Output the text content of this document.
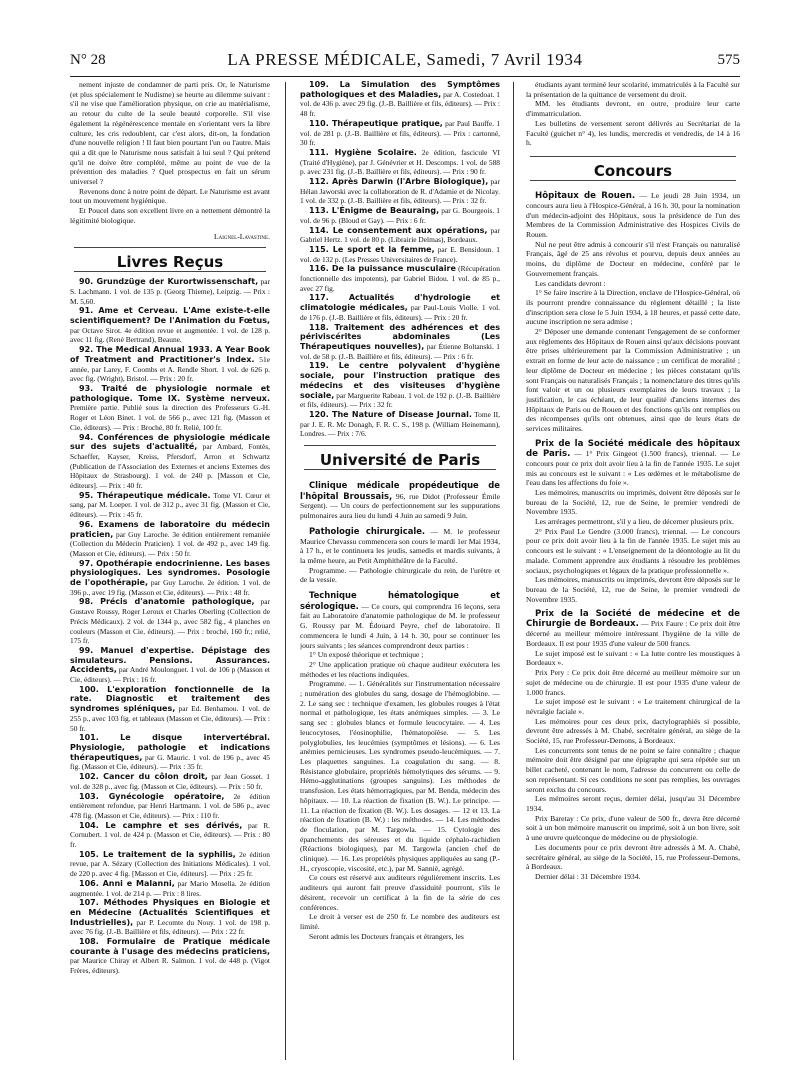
N° 28	LA PRESSE MÉDICALE, Samedi, 7 Avril 1934	575

nement injuste de condamner de parti pris. Or, le Naturisme (et plus spécialement le Nudisme) se heurte au dilemme suivant : s'il ne vise que l'amélioration physique, on crie au matérialisme, au retour du culte de la seule beauté corporelle. S'il vise également la régénérescence mentale en s'orientant vers la libre culture, les cris redoublent, car c'est alors, dit-on, la fondation d'une nouvelle religion ! Il faut bien pourtant l'un ou l'autre. Mais qui a dit que le Naturisme nous satisfait à lui seul ? Qui prétend qu'il ne doive être complété, même au point de vue de la prévention des maladies ? Quel prospectus en fait un sérum universel ?

Revenons donc à notre point de départ. Le Naturisme est avant tout un mouvement hygiénique.

Et Poucel dans son excellent livre en a nettement démontré la légitimité biologique.

Laignel-Lavastine.

Livres Reçus

90. Grundzüge der Kurortwissenschaft, par S. Lachmann. 1 vol. de 135 p. (Georg Thieme), Leipzig. — Prix : M. 5,60.

91. Ame et Cerveau. L'Ame existe-t-elle scientifiquement? De l'Animation du Fœtus, par Octave Sirot. 4e édition revue et augmentée. 1 vol. de 128 p. avec 11 fig. (René Bertrand), Beaune.

92. The Medical Annual 1933. A Year Book of Treatment and Practitioner's Index. 51e année, par Larey, F. Coombs et A. Rendle Short. 1 vol. de 626 p. avec fig. (Wright), Bristol. — Prix : 20 fr.

93. Traité de physiologie normale et pathologique. Tome IX. Système nerveux. Première partie. Publié sous la direction des Professeurs G.-H. Roger et Léon Binet. 1 vol. de 566 p., avec 121 fig. (Masson et Cie, éditeurs). — Prix : Broché, 80 fr. Relié, 100 fr.

94. Conférences de physiologie médicale sur des sujets d'actualité, par Ambard, Fontès, Schaeffer, Kayser, Kreiss, Pfersdorf, Arron et Schwartz (Publication de l'Association des Externes et anciens Externes des Hôpitaux de Strasbourg). 1 vol. de 240 p. [Masson et Cie, éditeurs]. — Prix : 40 fr.

95. Thérapeutique médicale. Tome VI. Cœur et sang, par M. Loeper. 1 vol. de 312 p., avec 31 fig. (Masson et Cie, éditeurs). — Prix : 45 fr.

96. Examens de laboratoire du médecin praticien, par Guy Laroche. 3e édition entièrement remaniée (Collection du Médecin Praticien). 1 vol. de 492 p., avec 149 fig. (Masson et Cie, éditeurs). — Prix : 50 fr.

97. Opothérapie endocrinienne. Les bases physiologiques. Les syndromes. Posologie de l'opothérapie, par Guy Laroche. 2e édition. 1 vol. de 396 p., avec 19 fig. (Masson et Cie, éditeurs). — Prix : 48 fr.

98. Précis d'anatomie pathologique, par Gustave Roussy, Roger Leroux et Charles Oberling (Collection de Précis Médicaux). 2 vol. de 1344 p., avec 582 fig., 4 planches en couleurs (Masson et Cie, éditeurs). — Prix : broché, 160 fr.; relié, 175 fr.

99. Manuel d'expertise. Dépistage des simulateurs. Pensions. Assurances. Accidents, par André Moulonguet. 1 vol. de 106 p (Masson et Cie, éditeurs). — Prix : 16 fr.

100. L'exploration fonctionnelle de la rate. Diagnostic et traitement des syndromes spléniques, par Ed. Benhamou. 1 vol. de 255 p., avec 103 fig. et tableaux (Masson et Cie, éditeurs). — Prix : 50 fr.

101. Le disque intervertébral. Physiologie, pathologie et indications thérapeutiques, par G. Mauric. 1 vol. de 196 p., avec 45 fig. (Masson et Cie, éditeurs). — Prix : 35 fr.

102. Cancer du côlon droit, par Jean Gosset. 1 vol. de 328 p., avec fig. (Masson et Cie, éditeurs). — Prix : 50 fr.

103. Gynécologie opératoire, 2e édition entièrement refondue, par Henri Hartmann. 1 vol. de 586 p., avec 478 fig. (Masson et Cie, éditeurs). — Prix : 110 fr.

104. Le camphre et ses dérivés, par R. Cornubert. 1 vol. de 424 p. (Masson et Cie, éditeurs). — Prix : 80 fr.

105. Le traitement de la syphilis, 2e édition revue, par A. Sézary (Collection des Initiations Médicales). 1 vol. de 220 p. avec 4 fig. [Masson et Cie, éditeurs]. — Prix : 25 fr.

106. Anni e Malanni, par Mario Mosella. 2e édition augmentée. 1 vol. de 214 p. — Prix : 8 lires.

107. Méthodes Physiques en Biologie et en Médecine (Actualités Scientifiques et Industrielles), par P. Lecomte du Nouy. 1 vol. de 198 p. avec 76 fig. (J.-B. Baillière et fils, éditeurs). — Prix : 22 fr.

108. Formulaire de Pratique médicale courante à l'usage des médecins praticiens, par Maurice Chiray et Albert R. Salmon. 1 vol. de 448 p. (Vigot Frères, éditeurs).

109. La Simulation des Symptômes pathologiques et des Maladies, par A. Costedoat. 1 vol. de 436 p. avec 29 fig. (J.-B. Baillière et fils, éditeurs). — Prix : 48 fr.

110. Thérapeutique pratique, par Paul Bauffe. 1 vol. de 281 p. (J.-B. Baillière et fils, éditeurs). — Prix : cartonné, 30 fr.

111. Hygiène Scolaire. 2e édition, fascicule VI (Traité d'Hygiène), par J. Génévrier et H. Descomps. 1 vol. de 588 p. avec 231 fig. (J.-B. Baillière et fils, éditeurs). — Prix : 90 fr.

112. Après Darwin (l'Arbre Biologique), par Hélan Jaworski avec la collaboration de R. d'Adamie et de Nicolay. 1 vol. de 332 p. (J.-B. Baillière et fils, éditeurs). — Prix : 32 fr.

113. L'Énigme de Beauraing, par G. Bourgeois. 1 vol. de 96 p. (Bloud et Gay). — Prix : 6 fr.

114. Le consentement aux opérations, par Gabriel Hertz. 1 vol. de 80 p. (Librairie Delmas), Bordeaux.

115. Le sport et la femme, par E. Bensidoun. 1 vol. de 132 p. (Les Presses Universitaires de France).

116. De la puissance musculaire (Récupération fonctionnelle des impotents), par Gabriel Bidou. 1 vol. de 85 p., avec 27 fig.

117. Actualités d'hydrologie et climatologie médicales, par Paul-Louis Violle. 1 vol. de 176 p. (J.-B. Baillière et fils, éditeurs). — Prix : 20 fr.

118. Traitement des adhérences et des périviscérites abdominales (Les Thérapeutiques nouvelles), par Étienne Boltanski. 1 vol. de 58 p. (J.-B. Baillière et fils, éditeurs). — Prix : 6 fr.

119. Le centre polyvalent d'hygiène sociale, pour l'instruction pratique des médecins et des visiteuses d'hygiène sociale, par Marguerite Rabeau. 1 vol. de 192 p. (J.-B. Baillière et fils, éditeurs). — Prix : 32 fr.

120. The Nature of Disease Journal. Tome II, par J. E. R. Mc Donagh, F. R. C. S., 198 p. (William Heinemann), Londres. — Prix : 7/6.

Université de Paris

Clinique médicale propédeutique de l'hôpital Broussais, 96, rue Didot (Professeur Émile Sergent). — Un cours de perfectionnement sur les suppurations pulmonaires aura lieu du lundi 4 Juin au samedi 9 Juin.

Pathologie chirurgicale. — M. le professeur Maurice Chevassu commencera son cours le mardi 1er Mai 1934, à 17 h., et le continuera les jeudis, samedis et mardis suivants, à la même heure, au Petit Amphithéâtre de la Faculté.

Programme. — Pathologie chirurgicale du rein, de l'urètre et de la vessie.

Technique hématologique et sérologique. — Ce cours, qui comprendra 16 leçons, sera fait au Laboratoire d'anatomie pathologique de M. le professeur G. Roussy par M. Édouard Peyre, chef de laboratoire. Il commencera le lundi 4 Juin, à 14 h. 30, pour se continuer les jours suivants ; les séances comprendront deux parties :

1° Un exposé théorique et technique ;

2° Une application pratique où chaque auditeur exécutera les méthodes et les réactions indiquées.

Programme. — 1. Généralités sur l'instrumentation nécessaire ; numération des globules du sang, dosage de l'hémoglobine. — 2. Le sang sec : technique d'examen, les globules rouges à l'état normal et pathologique, les états anémiques simples. — 3. Le sang sec : globules blancs et formule leucocytaire. — 4. Les leucocytoses, l'éosinophilie, l'hématopoïèse. — 5. Les polyglobulies, les leucémies (symptômes et lésions). — 6. Les anémies pernicieuses. Les syndromes pseudo-leucémiques. — 7. Les plaquettes sanguines. La coagulation du sang. — 8. Résistance globulaire, propriétés hémolytiques des sérums. — 9. Hémo-agglutinations (groupes sanguins). Les méthodes de transfusion. Les états hémorragiques, par M. Benda, médecin des hôpitaux. — 10. La réaction de fixation (B. W.). Le principe. — 11. La réaction de fixation (B. W.). Les dosages. — 12 et 13. La réaction de fixation (B. W.) : les méthodes. — 14. Les méthodes de floculation, par M. Targowla. — 15. Cytologie des épanchements des séreuses et du liquide céphalo-rachidien (Réactions biologiques), par M. Targowla (ancien chef de clinique). — 16. Les propriétés physiques appliquées au sang (P.-H., cryoscopie, viscosité, etc.), par M. Sannié, agrégé.

Ce cours est réservé aux auditeurs régulièrement inscrits. Les auditeurs qui auront fait preuve d'assiduité pourront, s'ils le désirent, recevoir un certificat à la fin de la série de ces conférences.

Le droit à verser est de 250 fr. Le nombre des auditeurs est limité.

Seront admis les Docteurs français et étrangers, les

étudiants ayant terminé leur scolarité, immatriculés à la Faculté sur la présentation de la quittance de versement du droit.

MM. les étudiants devront, en outre, produire leur carte d'immatriculation.

Les bulletins de versement seront délivrés au Secrétariat de la Faculté (guichet n° 4), les lundis, mercredis et vendredis, de 14 à 16 h.

Concours

Hôpitaux de Rouen. — Le jeudi 28 Juin 1934, un concours aura lieu à l'Hospice-Général, à 16 h. 30, pour la nomination d'un médecin-adjoint des Hôpitaux, sous la présidence de l'un des Membres de la Commission Administrative des Hospices Civils de Rouen.

Nul ne peut être admis à concourir s'il n'est Français ou naturalisé Français, âgé de 25 ans révolus et pourvu, depuis deux années au moins, du diplôme de Docteur en médecine, conféré par le Gouvernement français.

Les candidats devront :

1° Se faire inscrire à la Direction, enclave de l'Hospice-Général, où ils pourront prendre connaissance du règlement détaillé ; la liste d'inscription sera close le 5 Juin 1934, à 18 heures, et passé cette date, aucune inscription ne sera admise ;

2° Déposer une demande contenant l'engagement de se conformer aux règlements des Hôpitaux de Rouen ainsi qu'aux décisions pouvant être prises ultérieurement par la Commission Administrative ; un extrait en forme de leur acte de naissance ; un certificat de moralité ; leur diplôme de Docteur en médecine ; les pièces constatant qu'ils sont Français ou naturalisés Français ; la nomenclature des titres qu'ils font valoir et un ou plusieurs exemplaires de leurs travaux ; la justification, le cas échéant, de leur qualité d'anciens internes des Hôpitaux de Paris ou de Rouen et des fonctions qu'ils ont remplies ou des récompenses qu'ils ont obtenues, ainsi que de leurs états de services militaires.

Prix de la Société médicale des hôpitaux de Paris. — 1° Prix Gingeot (1.500 francs), triennal. — Le concours pour ce prix doit avoir lieu à la fin de l'année 1935. Le sujet mis au concours est le suivant : « Les œdèmes et le métabolisme de l'eau dans les affections du foie ».

Les mémoires, manuscrits ou imprimés, doivent être déposés sur le bureau de la Société, 12, rue de Seine, le premier vendredi de Novembre 1935.

Les arrérages permettront, s'il y a lieu, de décerner plusieurs prix.

2° Prix Paul Le Gendre (3.000 francs), triennal. — Le concours pour ce prix doit avoir lieu à la fin de l'année 1935. Le sujet mis au concours est le suivant : « L'enseignement de la déontologie au lit du malade. Comment apprendre aux étudiants à résoudre les problèmes sociaux, psychologiques et légaux de la pratique professionnelle ».

Les mémoires, manuscrits ou imprimés, devront être déposés sur le bureau de la Société, 12, rue de Seine, le premier vendredi de Novembre 1935.

Prix de la Société de médecine et de Chirurgie de Bordeaux. — Prix Faure : Ce prix doit être décerné au meilleur mémoire intéressant l'hygiène de la ville de Bordeaux. Il est pour 1935 d'une valeur de 500 francs.

Le sujet imposé est le suivant : « La lutte contre les moustiques à Bordeaux ».

Prix Pery : Ce prix doit être décerné au meilleur mémoire sur un sujet de médecine ou de chirurgie. Il est pour 1935 d'une valeur de 1.000 francs.

Le sujet imposé est le suivant : « Le traitement chirurgical de la névralgie faciale ».

Les mémoires pour ces deux prix, dactylographiés si possible, devront être adressés à M. Chabé, secrétaire général, au siège de la Société, 15, rue Professeur-Demons, à Bordeaux.

Les concurrents sont tenus de ne point se faire connaître ; chaque mémoire doit être désigné par une épigraphe qui sera répétée sur un billet cacheté, contenant le nom, l'adresse du concurrent ou celle de son représentant. Si ces conditions ne sont pas remplies, les ouvrages seront exclus du concours.

Les mémoires seront reçus, dernier délai, jusqu'au 31 Décembre 1934.

Prix Baretay : Ce prix, d'une valeur de 500 fr., devra être décerné soit à un bon mémoire manuscrit ou imprimé, soit à un bon livre, soit à une œuvre quelconque de médecine ou de physiologie.

Les documents pour ce prix devront être adressés à M. A. Chabé, secrétaire général, au siège de la Société, 15, rue Professeur-Demons, à Bordeaux.

Dernier délai : 31 Décembre 1934.
